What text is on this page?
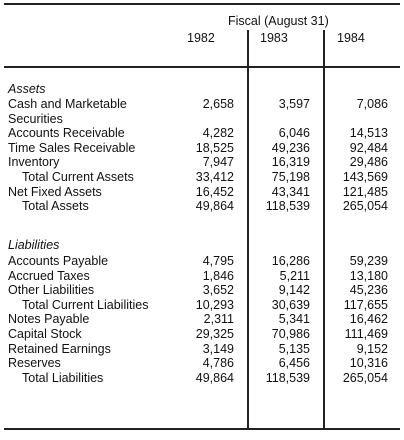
Fiscal (August 31)
1982	1983	1984
Assets
Liabilities
Cash and Marketable	2,658	3,597	7,086
Securities
Accounts Receivable	4,282	6,046	14,513
Time Sales Receivable	18,525	49,236	92,484
Inventory	7,947	16,319	29,486
Total Current Assets	33,412	75,198	143,569
Net Fixed Assets	16,452	43,341	121,485
Total Assets	49,864	118,539	265,054
Accounts Payable	4,795	16,286	59,239
Accrued Taxes	1,846	5,211	13,180
Other Liabilities	3,652	9,142	45,236
Total Current Liabilities	10,293	30,639	117,655
Notes Payable	2,311	5,341	16,462
Capital Stock	29,325	70,986	111,469
Retained Earnings	3,149	5,135	9,152
Reserves	4,786	6,456	10,316
Total Liabilities	49,864	118,539	265,054
